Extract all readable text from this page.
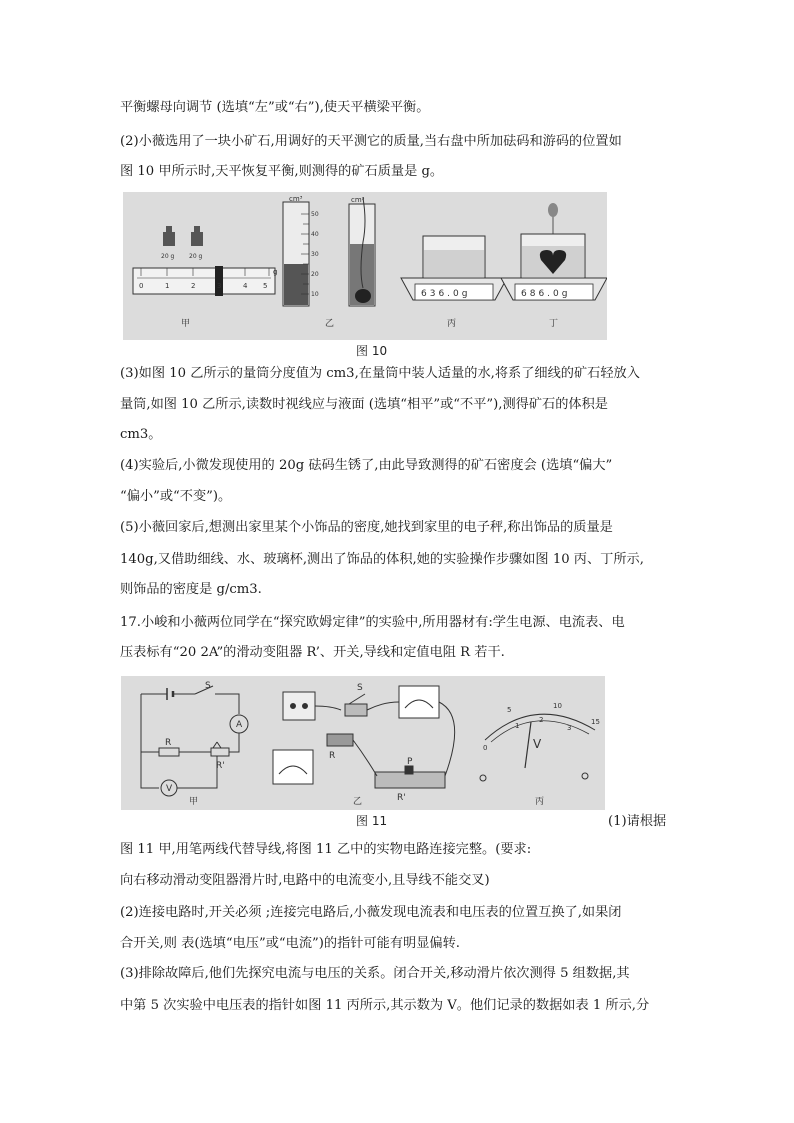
平衡螺母向调节 (选填“左”或“右”),使天平横梁平衡。
(2)小薇选用了一块小矿石,用调好的天平测它的质量,当右盘中所加砝码和游码的位置如
图 10 甲所示时,天平恢复平衡,则测得的矿石质量是 g。
20 g 20 g
0	1	2	3	4 5
g
甲
cm³
50
40
30
20
10
cm³
乙
636.0g
丙
686.0g
丁
图 10
(3)如图 10 乙所示的量筒分度值为 cm3,在量筒中装人适量的水,将系了细线的矿石轻放入
量筒,如图 10 乙所示,读数时视线应与液面 (选填“相平”或“不平”),测得矿石的体积是
cm3。
(4)实验后,小微发现使用的 20g 砝码生锈了,由此导致测得的矿石密度会 (选填“偏大”
“偏小”或“不变”)。
(5)小薇回家后,想测出家里某个小饰品的密度,她找到家里的电子秤,称出饰品的质量是
140g,又借助细线、水、玻璃杯,测出了饰品的体积,她的实验操作步骤如图 10 丙、丁所示,
则饰品的密度是 g/cm3.
17.小峻和小薇两位同学在“探究欧姆定律”的实验中,所用器材有:学生电源、电流表、电
压表标有“20 2A”的滑动变阻器 R’、开关,导线和定值电阻 R 若干.
S
A
R
R'
V
甲
S
R
P
R'
乙
0
5	10
15
1
2
3
V
丙
图 11	(1)请根据
图 11 甲,用笔两线代替导线,将图 11 乙中的实物电路连接完整。(要求:
向右移动滑动变阻器滑片时,电路中的电流变小,且导线不能交叉)
(2)连接电路时,开关必须 ;连接完电路后,小薇发现电流表和电压表的位置互换了,如果闭
合开关,则 表(选填“电压”或“电流”)的指针可能有明显偏转.
(3)排除故障后,他们先探究电流与电压的关系。闭合开关,移动滑片依次测得 5 组数据,其
中第 5 次实验中电压表的指针如图 11 丙所示,其示数为 V。他们记录的数据如表 1 所示,分
